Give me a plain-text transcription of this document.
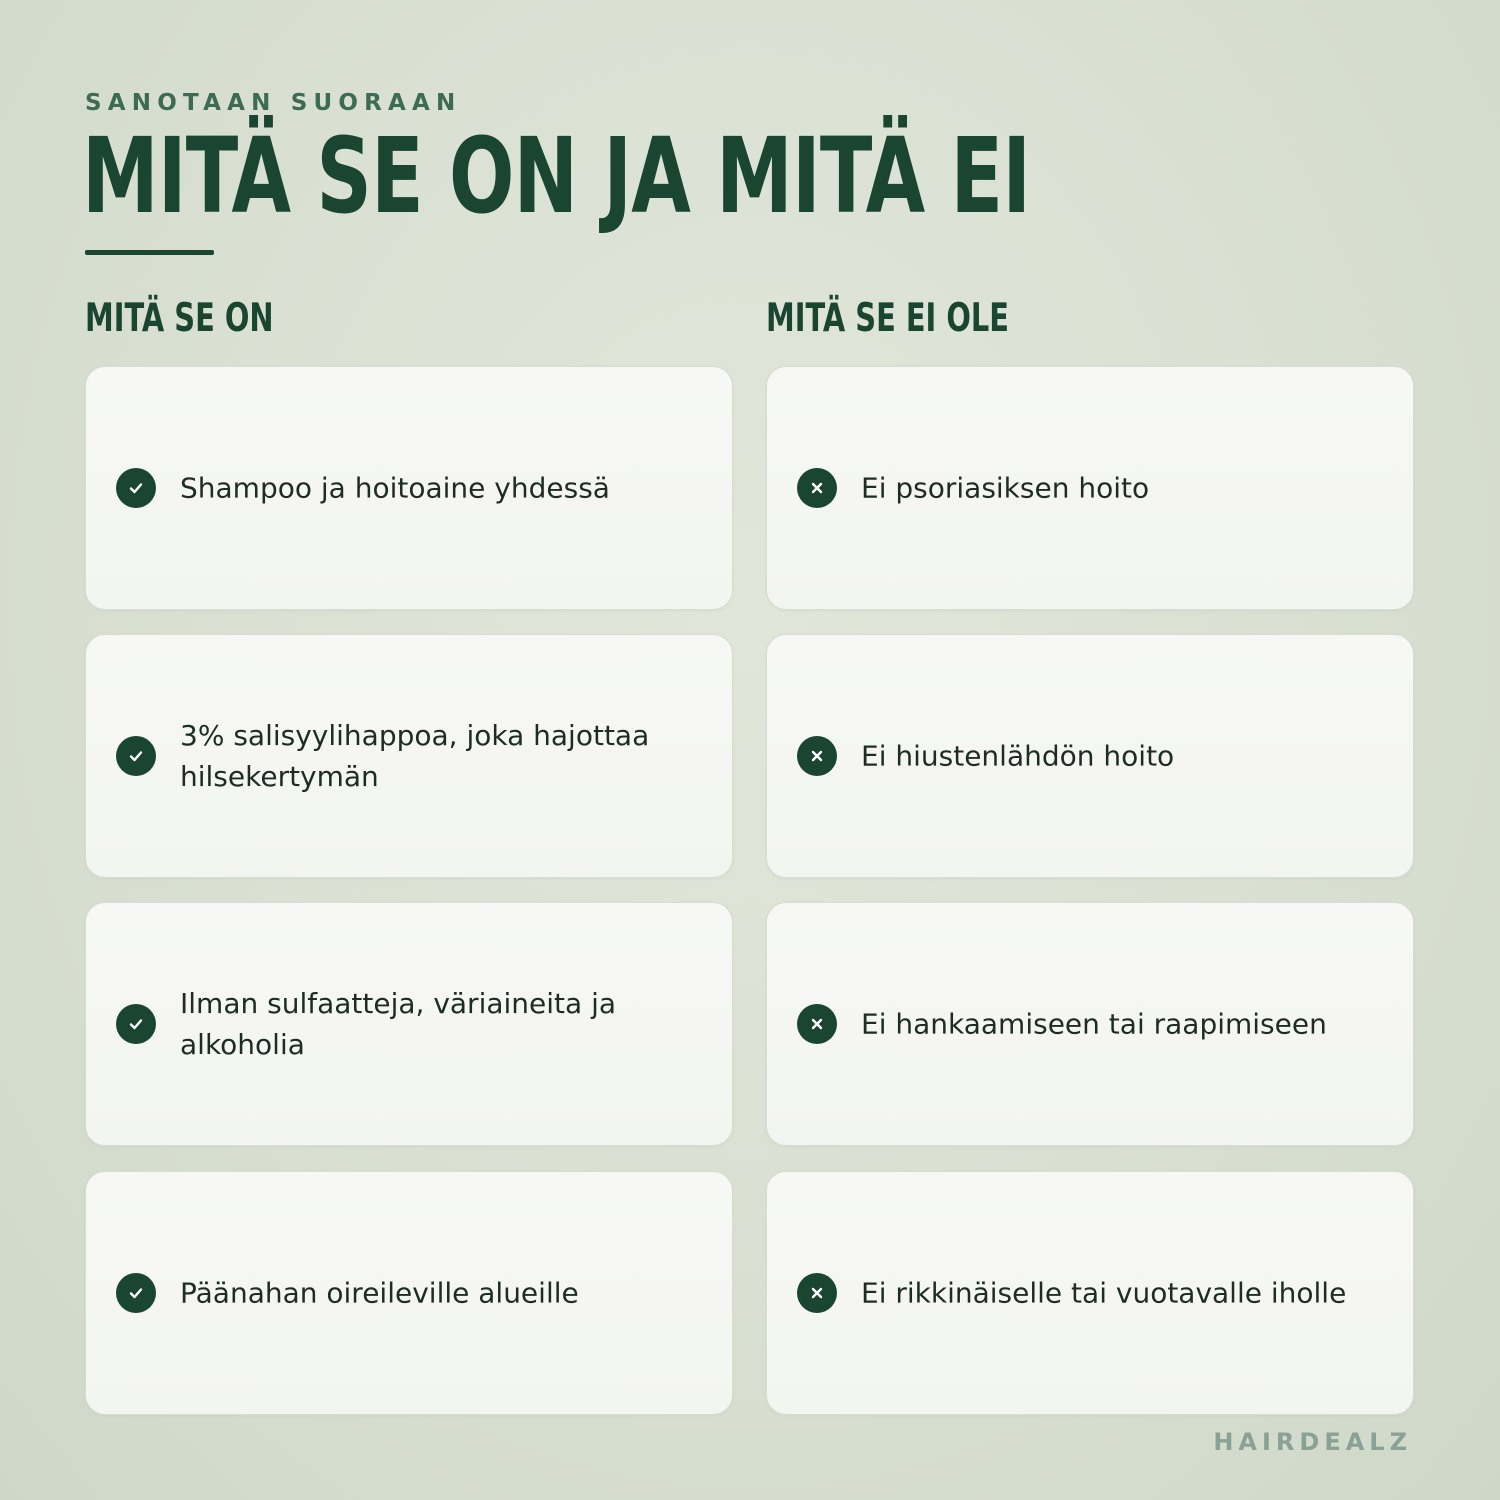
SANOTAAN SUORAAN
MITÄ SE ON JA MITÄ EI
MITÄ SE ON	MITÄ SE EI OLE
Shampoo ja hoitoaine yhdessä
3% salisyylihappoa, joka hajottaa hilsekertymän
Ilman sulfaatteja, väriaineita ja alkoholia
Päänahan oireileville alueille
Ei psoriasiksen hoito
Ei hiustenlähdön hoito
Ei hankaamiseen tai raapimiseen
Ei rikkinäiselle tai vuotavalle iholle
HAIRDEALZ
